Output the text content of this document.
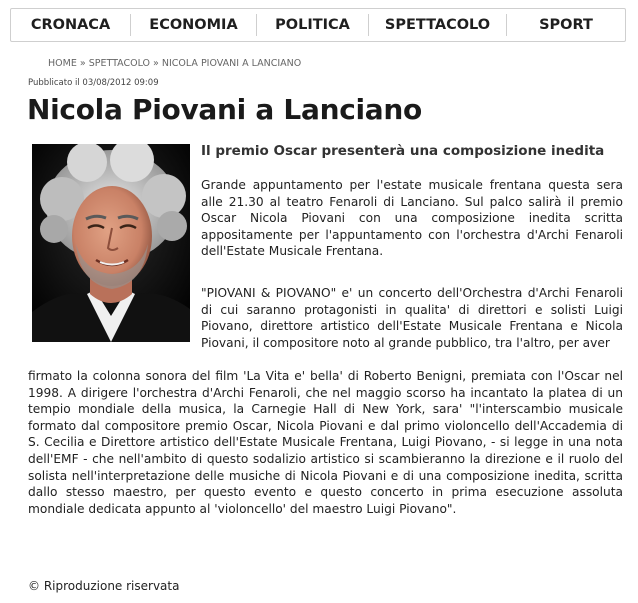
CRONACA	ECONOMIA	POLITICA	SPETTACOLO	SPORT
HOME » SPETTACOLO » NICOLA PIOVANI A LANCIANO
Pubblicato il 03/08/2012 09:09
Nicola Piovani a Lanciano
Il premio Oscar presenterà una composizione inedita

Grande appuntamento per l'estate musicale frentana questa sera alle 21.30 al teatro Fenaroli di Lanciano. Sul palco salirà il premio Oscar Nicola Piovani con una composizione inedita scritta appositamente per l'appuntamento con l'orchestra d'Archi Fenaroli dell'Estate Musicale Frentana.

"PIOVANI & PIOVANO" e' un concerto dell'Orchestra d'Archi Fenaroli di cui saranno protagonisti in qualita' di direttori e solisti Luigi Piovano, direttore artistico dell'Estate Musicale Frentana e Nicola Piovani, il compositore noto al grande pubblico, tra l'altro, per aver

firmato la colonna sonora del film 'La Vita e' bella' di Roberto Benigni, premiata con l'Oscar nel 1998. A dirigere l'orchestra d'Archi Fenaroli, che nel maggio scorso ha incantato la platea di un tempio mondiale della musica, la Carnegie Hall di New York, sara' "l'interscambio musicale formato dal compositore premio Oscar, Nicola Piovani e dal primo violoncello dell'Accademia di S. Cecilia e Direttore artistico dell'Estate Musicale Frentana, Luigi Piovano, - si legge in una nota dell'EMF - che nell'ambito di questo sodalizio artistico si scambieranno la direzione e il ruolo del solista nell'interpretazione delle musiche di Nicola Piovani e di una composizione inedita, scritta dallo stesso maestro, per questo evento e questo concerto in prima esecuzione assoluta mondiale dedicata appunto al 'violoncello' del maestro Luigi Piovano".

© Riproduzione riservata
